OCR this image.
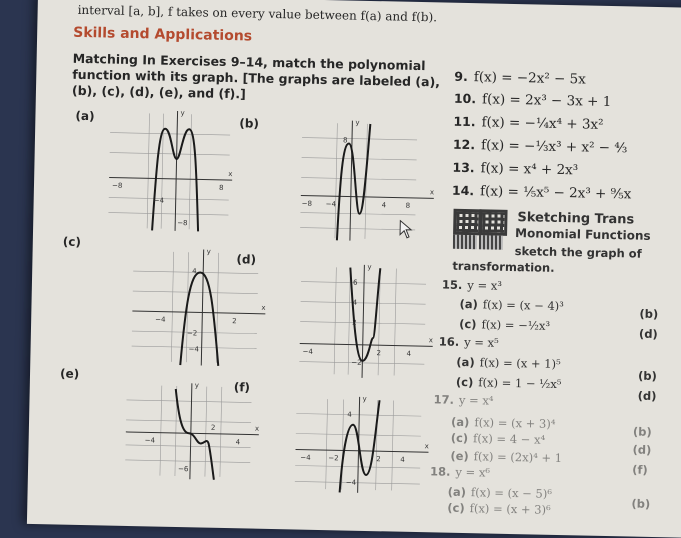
interval [a, b], f takes on every value between f(a) and f(b).
Skills and Applications
Matching In Exercises 9–14, match the polynomial function with its graph. [The graphs are labeled (a), (b), (c), (d), (e), and (f).]
9. f(x) = −2x² − 5x
10. f(x) = 2x³ − 3x + 1
11. f(x) = −¼x⁴ + 3x²
12. f(x) = −⅓x³ + x² − ⁴⁄₃
13. f(x) = x⁴ + 2x³
14. f(x) = ⅕x⁵ − 2x³ + ⁹⁄₅x
(a)
(b)
(c)
(d)
(e)
(f)
x
y
−8
−4
8
−8
x
y
8
−8 −4	4	8
x
y
4
−4	2
−2
−4
x
y
6
4
2
−4	2	4
−2
x
y
−4
2
4
−6
x
y
4
−4	−2	2	4
−4
Sketching Trans
Monomial Functions
sketch the graph of
transformation.
15. y = x³
(a) f(x) = (x − 4)³
(b)
(c) f(x) = −½x³
(d)
16. y = x⁵
(a) f(x) = (x + 1)⁵
(b)
(c) f(x) = 1 − ½x⁵
(d)
17. y = x⁴
(a) f(x) = (x + 3)⁴
(b)
(c) f(x) = 4 − x⁴
(d)
(e) f(x) = (2x)⁴ + 1
(f)
18. y = x⁶
(a) f(x) = (x − 5)⁶
(b)
(c) f(x) = (x + 3)⁶
